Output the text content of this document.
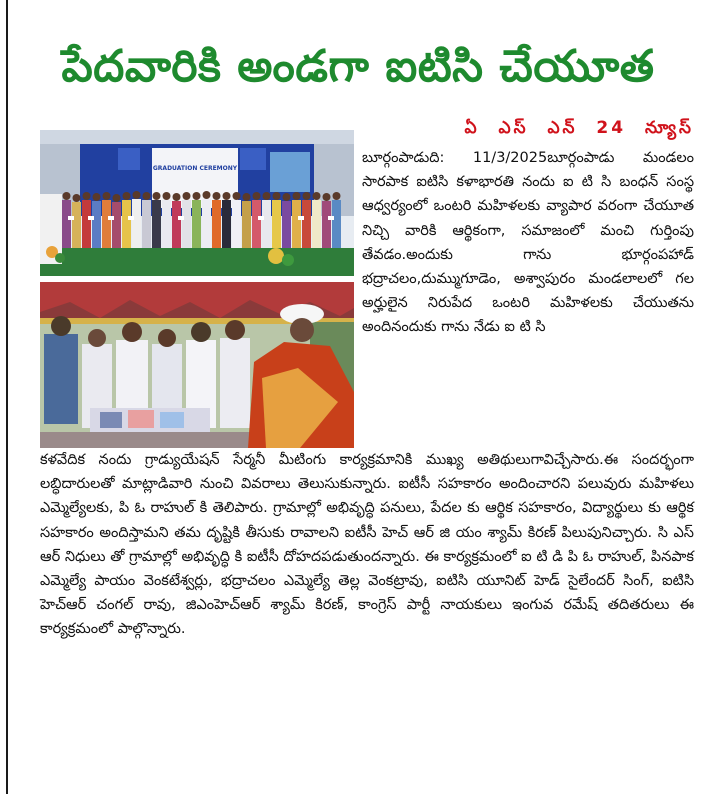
పేదవారికి అండగా ఐటిసి చేయూత
ఏ ఎస్ ఎన్ 24 న్యూస్
GRADUATION CEREMONY

బూర్గంపాడుది: 11/3/2025బూర్గంపాడు మండలం సారపాక ఐటిసి కళాభారతి నందు ఐ టి సి బంధన్ సంస్థ ఆధ్వర్యంలో ఒంటరి మహిళలకు వ్యాపార వరంగా చేయూత నిచ్చి వారికి ఆర్థికంగా, సమాజంలో మంచి గుర్తింపు తేవడం.అందుకు గాను భూర్గంపహాడ్ భద్రాచలం,దుమ్ముగూడెం, అశ్వాపురం మండలాలలో గల అర్హులైన నిరుపేద ఒంటరి మహిళలకు చేయుతను అందినందుకు గాను నేడు ఐ టి సి

కళవేదిక నందు గ్రాడ్యుయేషన్ సేర్మనీ మీటింగు కార్యక్రమానికి ముఖ్య అతిథులుగావిచ్చేసారు.ఈ సందర్భంగా లబ్ధిదారులతో మాట్లాడివారి నుంచి వివరాలు తెలుసుకున్నారు. ఐటీసీ సహకారం అందించారని పలువురు మహిళలు ఎమ్మెల్యేలకు, పి ఓ రాహుల్ కి తెలిపారు. గ్రామాల్లో అభివృద్ధి పనులు, పేదల కు ఆర్థిక సహకారం, విద్యార్థులు కు ఆర్థిక సహకారం అందిస్తామని తమ దృష్టికి తీసుకు రావాలని ఐటీసీ హెచ్ ఆర్ జి యం శ్యామ్ కిరణ్ పిలుపునిచ్చారు. సి ఎస్ ఆర్ నిధులు తో గ్రామాల్లో అభివృద్ధి కి ఐటీసీ దోహదపడుతుందన్నారు. ఈ కార్యక్రమంలో ఐ టి డి పి ఓ రాహుల్, పినపాక ఎమ్మెల్యే పాయం వెంకటేశ్వర్లు, భద్రాచలం ఎమ్మెల్యే తెల్ల వెంకట్రావు, ఐటిసి యూనిట్ హెడ్ సైలేందర్ సింగ్, ఐటిసి హెచ్ఆర్ చంగల్ రావు, జిఎంహెచ్ఆర్ శ్యామ్ కిరణ్, కాంగ్రెస్ పార్టీ నాయకులు ఇంగువ రమేష్ తదితరులు ఈ కార్యక్రమంలో పాల్గొన్నారు.
